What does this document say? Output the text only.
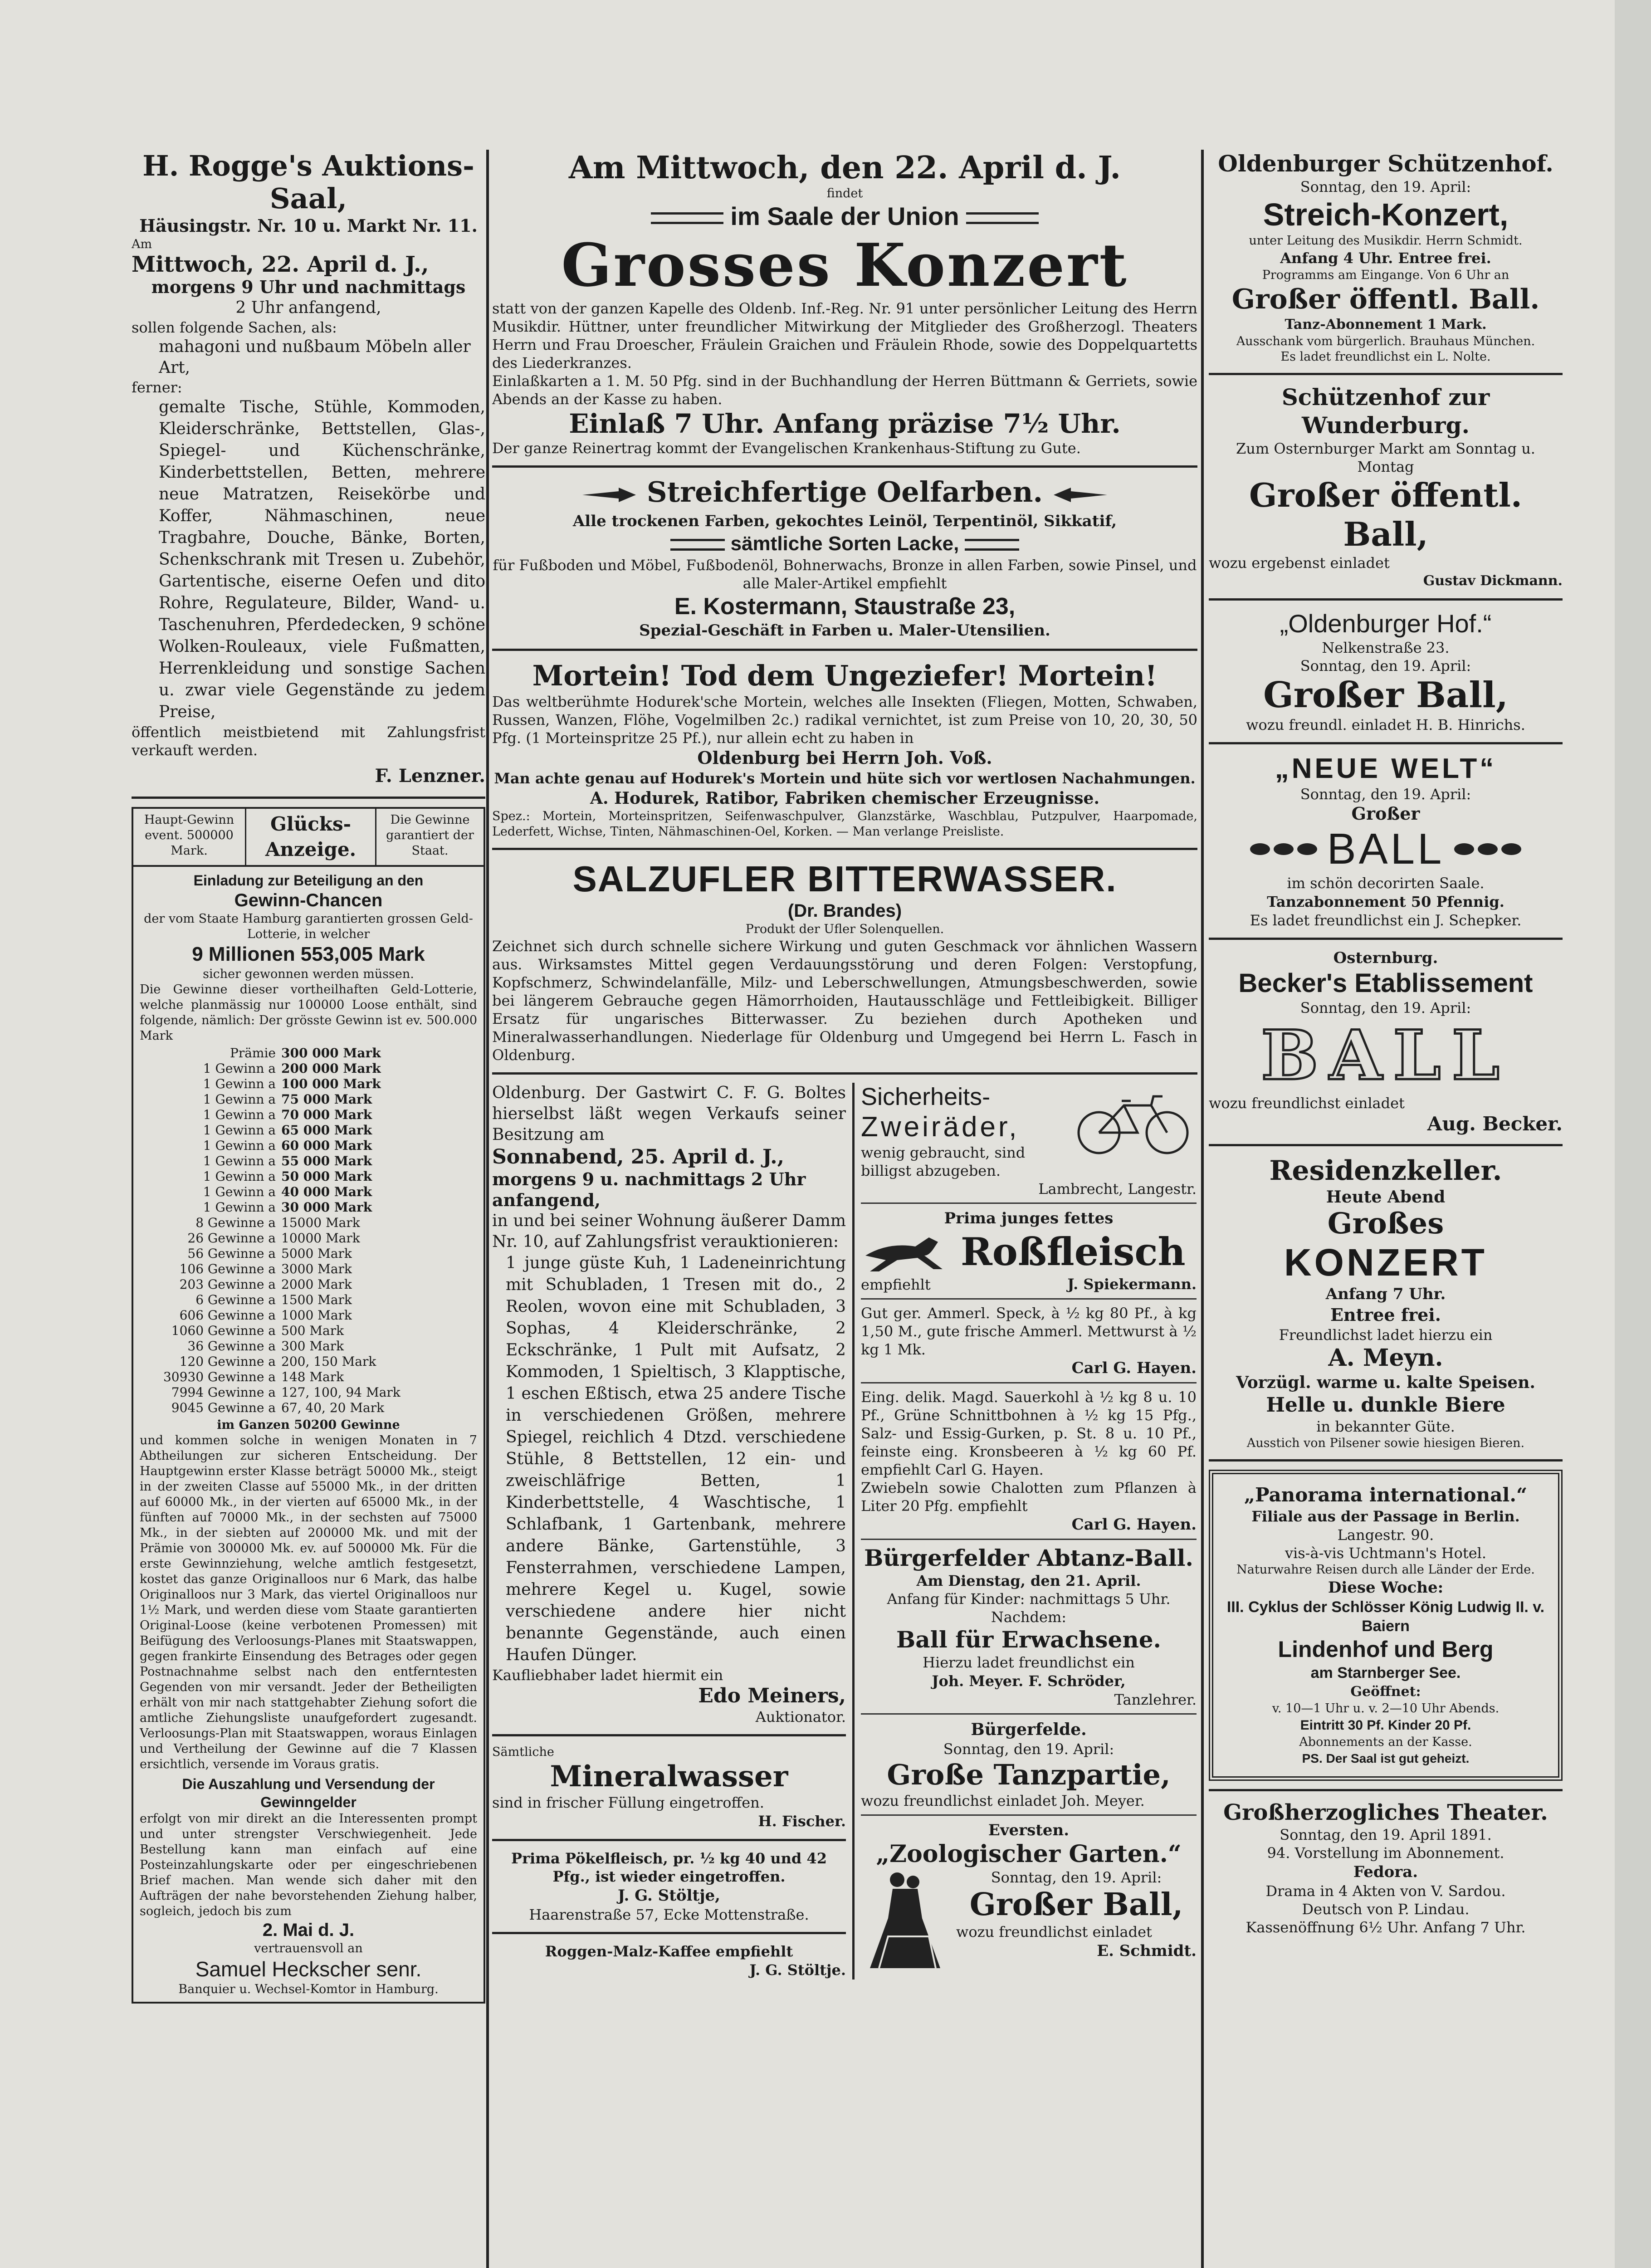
H. Rogge's Auktions-Saal,

Häusingstr. Nr. 10 u. Markt Nr. 11.

Am

Mittwoch, 22. April d. J.,

morgens 9 Uhr und nachmittags

2 Uhr anfangend,

sollen folgende Sachen, als:

mahagoni und nußbaum Möbeln aller Art,

ferner:

gemalte Tische, Stühle, Kommoden, Kleiderschränke, Bettstellen, Glas-, Spiegel- und Küchenschränke, Kinderbettstellen, Betten, mehrere neue Matratzen, Reisekörbe und Koffer, Nähmaschinen, neue Tragbahre, Douche, Bänke, Borten, Schenkschrank mit Tresen u. Zubehör, Gartentische, eiserne Oefen und dito Rohre, Regulateure, Bilder, Wand- u. Taschenuhren, Pferdedecken, 9 schöne Wolken-Rouleaux, viele Fußmatten, Herrenkleidung und sonstige Sachen u. zwar viele Gegenstände zu jedem Preise,

öffentlich meistbietend mit Zahlungsfrist verkauft werden.

F. Lenzner.

Haupt-Gewinn event. 500000 Mark.
Glücks-Anzeige.
Die Gewinne garantiert der Staat.

Einladung zur Beteiligung an den

Gewinn-Chancen

der vom Staate Hamburg garantierten grossen Geld-Lotterie, in welcher

9 Millionen 553,005 Mark

sicher gewonnen werden müssen.

Die Gewinne dieser vortheilhaften Geld-Lotterie, welche planmässig nur 100000 Loose enthält, sind folgende, nämlich: Der grösste Gewinn ist ev. 500.000 Mark

Prämie 300 000 Mark
1 Gewinn a 200 000 Mark
1 Gewinn a 100 000 Mark
1 Gewinn a 75 000 Mark
1 Gewinn a 70 000 Mark
1 Gewinn a 65 000 Mark
1 Gewinn a 60 000 Mark
1 Gewinn a 55 000 Mark
1 Gewinn a 50 000 Mark
1 Gewinn a 40 000 Mark
1 Gewinn a 30 000 Mark
8 Gewinne a 15000 Mark
26 Gewinne a 10000 Mark
56 Gewinne a 5000 Mark
106 Gewinne a 3000 Mark
203 Gewinne a 2000 Mark
6 Gewinne a 1500 Mark
606 Gewinne a 1000 Mark
1060 Gewinne a 500 Mark
36 Gewinne a 300 Mark
120 Gewinne a 200, 150 Mark
30930 Gewinne a 148 Mark
7994 Gewinne a 127, 100, 94 Mark
9045 Gewinne a 67, 40, 20 Mark

im Ganzen 50200 Gewinne

und kommen solche in wenigen Monaten in 7 Abtheilungen zur sicheren Entscheidung. Der Hauptgewinn erster Klasse beträgt 50000 Mk., steigt in der zweiten Classe auf 55000 Mk., in der dritten auf 60000 Mk., in der vierten auf 65000 Mk., in der fünften auf 70000 Mk., in der sechsten auf 75000 Mk., in der siebten auf 200000 Mk. und mit der Prämie von 300000 Mk. ev. auf 500000 Mk. Für die erste Gewinnziehung, welche amtlich festgesetzt, kostet das ganze Originalloos nur 6 Mark, das halbe Originalloos nur 3 Mark, das viertel Originalloos nur 1½ Mark, und werden diese vom Staate garantierten Original-Loose (keine verbotenen Promessen) mit Beifügung des Verloosungs-Planes mit Staatswappen, gegen frankirte Einsendung des Betrages oder gegen Postnachnahme selbst nach den entferntesten Gegenden von mir versandt. Jeder der Betheiligten erhält von mir nach stattgehabter Ziehung sofort die amtliche Ziehungsliste unaufgefordert zugesandt. Verloosungs-Plan mit Staatswappen, woraus Einlagen und Vertheilung der Gewinne auf die 7 Klassen ersichtlich, versende im Voraus gratis.

Die Auszahlung und Versendung der Gewinngelder

erfolgt von mir direkt an die Interessenten prompt und unter strengster Verschwiegenheit. Jede Bestellung kann man einfach auf eine Posteinzahlungskarte oder per eingeschriebenen Brief machen. Man wende sich daher mit den Aufträgen der nahe bevorstehenden Ziehung halber, sogleich, jedoch bis zum

2. Mai d. J.

vertrauensvoll an

Samuel Heckscher senr.

Banquier u. Wechsel-Komtor in Hamburg.

Am Mittwoch, den 22. April d. J.

findet

im Saale der Union

Grosses Konzert

statt von der ganzen Kapelle des Oldenb. Inf.-Reg. Nr. 91 unter persönlicher Leitung des Herrn Musikdir. Hüttner, unter freundlicher Mitwirkung der Mitglieder des Großherzogl. Theaters Herrn und Frau Droescher, Fräulein Graichen und Fräulein Rhode, sowie des Doppelquartetts des Liederkranzes.

Einlaßkarten a 1. M. 50 Pfg. sind in der Buchhandlung der Herren Büttmann & Gerriets, sowie Abends an der Kasse zu haben.

Einlaß 7 Uhr. Anfang präzise 7½ Uhr.

Der ganze Reinertrag kommt der Evangelischen Krankenhaus-Stiftung zu Gute.

Streichfertige Oelfarben.

Alle trockenen Farben, gekochtes Leinöl, Terpentinöl, Sikkatif,

sämtliche Sorten Lacke,

für Fußboden und Möbel, Fußbodenöl, Bohnerwachs, Bronze in allen Farben, sowie Pinsel, und alle Maler-Artikel empfiehlt

E. Kostermann, Staustraße 23,

Spezial-Geschäft in Farben u. Maler-Utensilien.

Mortein! Tod dem Ungeziefer! Mortein!

Das weltberühmte Hodurek'sche Mortein, welches alle Insekten (Fliegen, Motten, Schwaben, Russen, Wanzen, Flöhe, Vogelmilben 2c.) radikal vernichtet, ist zum Preise von 10, 20, 30, 50 Pfg. (1 Morteinspritze 25 Pf.), nur allein echt zu haben in

Oldenburg bei Herrn Joh. Voß.

Man achte genau auf Hodurek's Mortein und hüte sich vor wertlosen Nachahmungen.

A. Hodurek, Ratibor, Fabriken chemischer Erzeugnisse.

Spez.: Mortein, Morteinspritzen, Seifenwaschpulver, Glanzstärke, Waschblau, Putzpulver, Haarpomade, Lederfett, Wichse, Tinten, Nähmaschinen-Oel, Korken. — Man verlange Preisliste.

SALZUFLER BITTERWASSER.

(Dr. Brandes)

Produkt der Ufler Solenquellen.

Zeichnet sich durch schnelle sichere Wirkung und guten Geschmack vor ähnlichen Wassern aus. Wirksamstes Mittel gegen Verdauungsstörung und deren Folgen: Verstopfung, Kopfschmerz, Schwindelanfälle, Milz- und Leberschwellungen, Atmungsbeschwerden, sowie bei längerem Gebrauche gegen Hämorrhoiden, Hautausschläge und Fettleibigkeit. Billiger Ersatz für ungarisches Bitterwasser. Zu beziehen durch Apotheken und Mineralwasserhandlungen. Niederlage für Oldenburg und Umgegend bei Herrn L. Fasch in Oldenburg.

Oldenburg. Der Gastwirt C. F. G. Boltes hierselbst läßt wegen Verkaufs seiner Besitzung am

Sonnabend, 25. April d. J.,

morgens 9 u. nachmittags 2 Uhr anfangend,

in und bei seiner Wohnung äußerer Damm Nr. 10, auf Zahlungsfrist verauktionieren:

1 junge güste Kuh, 1 Ladeneinrichtung mit Schubladen, 1 Tresen mit do., 2 Reolen, wovon eine mit Schubladen, 3 Sophas, 4 Kleiderschränke, 2 Eckschränke, 1 Pult mit Aufsatz, 2 Kommoden, 1 Spieltisch, 3 Klapptische, 1 eschen Eßtisch, etwa 25 andere Tische in verschiedenen Größen, mehrere Spiegel, reichlich 4 Dtzd. verschiedene Stühle, 8 Bettstellen, 12 ein- und zweischläfrige Betten, 1 Kinderbettstelle, 4 Waschtische, 1 Schlafbank, 1 Gartenbank, mehrere andere Bänke, Gartenstühle, 3 Fensterrahmen, verschiedene Lampen, mehrere Kegel u. Kugel, sowie verschiedene andere hier nicht benannte Gegenstände, auch einen Haufen Dünger.

Kaufliebhaber ladet hiermit ein

Edo Meiners,

Auktionator.

Sämtliche

Mineralwasser

sind in frischer Füllung eingetroffen.

H. Fischer.

Prima Pökelfleisch, pr. ½ kg 40 und 42 Pfg., ist wieder eingetroffen.

J. G. Stöltje,

Haarenstraße 57, Ecke Mottenstraße.

Roggen-Malz-Kaffee empfiehlt

J. G. Stöltje.

Sicherheits-

Zweiräder,

wenig gebraucht, sind billigst abzugeben.

Lambrecht, Langestr.

Prima junges fettes

Roßfleisch

empfiehlt	J. Spiekermann.

Gut ger. Ammerl. Speck, à ½ kg 80 Pf., à kg 1,50 M., gute frische Ammerl. Mettwurst à ½ kg 1 Mk.

Carl G. Hayen.

Eing. delik. Magd. Sauerkohl à ½ kg 8 u. 10 Pf., Grüne Schnittbohnen à ½ kg 15 Pfg., Salz- und Essig-Gurken, p. St. 8 u. 10 Pf., feinste eing. Kronsbeeren à ½ kg 60 Pf. empfiehlt Carl G. Hayen.

Zwiebeln sowie Chalotten zum Pflanzen à Liter 20 Pfg. empfiehlt

Carl G. Hayen.

Bürgerfelder Abtanz-Ball.

Am Dienstag, den 21. April.

Anfang für Kinder: nachmittags 5 Uhr. Nachdem:

Ball für Erwachsene.

Hierzu ladet freundlichst ein

Joh. Meyer. F. Schröder,

Tanzlehrer.

Bürgerfelde.

Sonntag, den 19. April:

Große Tanzpartie,

wozu freundlichst einladet Joh. Meyer.

Eversten.

„Zoologischer Garten.“

Sonntag, den 19. April:

Großer Ball,

wozu freundlichst einladet

E. Schmidt.

Oldenburger Schützenhof.

Sonntag, den 19. April:

Streich-Konzert,

unter Leitung des Musikdir. Herrn Schmidt.

Anfang 4 Uhr. Entree frei.

Programms am Eingange. Von 6 Uhr an

Großer öffentl. Ball.

Tanz-Abonnement 1 Mark.

Ausschank vom bürgerlich. Brauhaus München.

Es ladet freundlichst ein L. Nolte.

Schützenhof zur Wunderburg.

Zum Osternburger Markt am Sonntag u. Montag

Großer öffentl. Ball,

wozu ergebenst einladet

Gustav Dickmann.

„Oldenburger Hof.“

Nelkenstraße 23.

Sonntag, den 19. April:

Großer Ball,

wozu freundl. einladet H. B. Hinrichs.

„NEUE WELT“

Sonntag, den 19. April:

Großer

BALL

im schön decorirten Saale.

Tanzabonnement 50 Pfennig.

Es ladet freundlichst ein J. Schepker.

Osternburg.

Becker's Etablissement

Sonntag, den 19. April:

BALL

wozu freundlichst einladet

Aug. Becker.

Residenzkeller.

Heute Abend

Großes

KONZERT

Anfang 7 Uhr.

Entree frei.

Freundlichst ladet hierzu ein

A. Meyn.

Vorzügl. warme u. kalte Speisen.

Helle u. dunkle Biere

in bekannter Güte.

Ausstich von Pilsener sowie hiesigen Bieren.

„Panorama international.“

Filiale aus der Passage in Berlin.

Langestr. 90.

vis-à-vis Uchtmann's Hotel.

Naturwahre Reisen durch alle Länder der Erde.

Diese Woche:

III. Cyklus der Schlösser König Ludwig II. v. Baiern

Lindenhof und Berg

am Starnberger See.

Geöffnet:

v. 10—1 Uhr u. v. 2—10 Uhr Abends.

Eintritt 30 Pf. Kinder 20 Pf.

Abonnements an der Kasse.

PS. Der Saal ist gut geheizt.

Großherzogliches Theater.

Sonntag, den 19. April 1891.

94. Vorstellung im Abonnement.

Fedora.

Drama in 4 Akten von V. Sardou.

Deutsch von P. Lindau.

Kassenöffnung 6½ Uhr. Anfang 7 Uhr.
